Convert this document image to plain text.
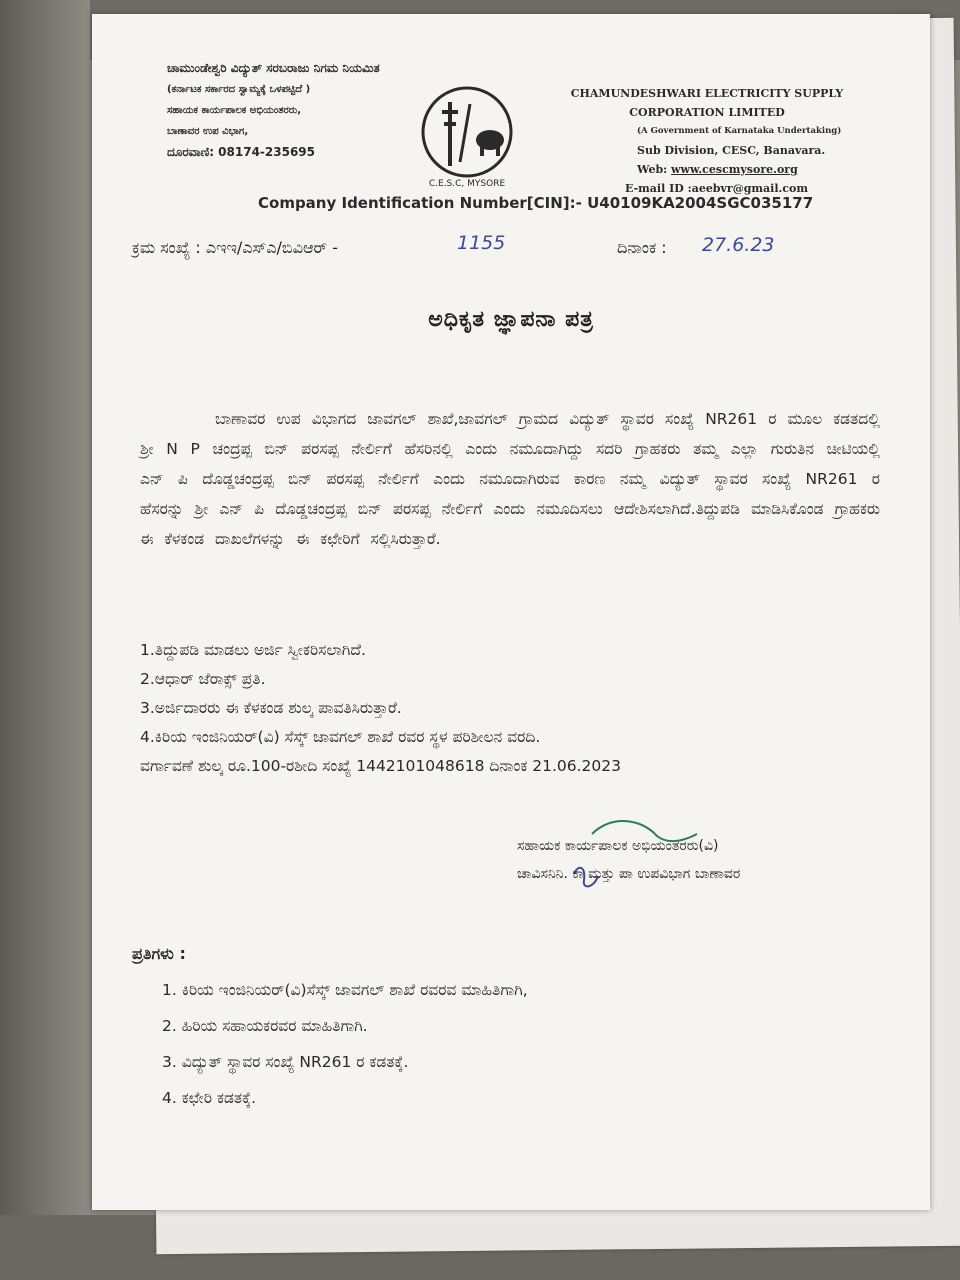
ಚಾಮುಂಡೇಶ್ವರಿ ವಿದ್ಯುತ್ ಸರಬರಾಜು ನಿಗಮ ನಿಯಮಿತ
(ಕರ್ನಾಟಕ ಸರ್ಕಾರದ ಸ್ವಾಮ್ಯಕ್ಕೆ ಒಳಪಟ್ಟಿದೆ )
ಸಹಾಯಕ ಕಾರ್ಯಪಾಲಕ ಅಭಿಯಂತರರು,
ಬಾಣಾವರ ಉಪ ವಿಭಾಗ,
ದೂರವಾಣಿ: 08174-235695
C.E.S.C, MYSORE
CHAMUNDESHWARI ELECTRICITY SUPPLY
CORPORATION LIMITED
(A Government of Karnataka Undertaking)
Sub Division, CESC, Banavara.
Web: www.cescmysore.org
E-mail ID :aeebvr@gmail.com
Company Identification Number[CIN]:- U40109KA2004SGC035177
ಕ್ರಮ ಸಂಖ್ಯೆ : ಎಇಇ/ಎಸ್‌ಎ/ಬಿವಿಆರ್ -	1155	ದಿನಾಂಕ : 27.6.23
ಅಧಿಕೃತ ಜ್ಞಾಪನಾ ಪತ್ರ
ಬಾಣಾವರ ಉಪ ವಿಭಾಗದ ಜಾವಗಲ್ ಶಾಖೆ,ಜಾವಗಲ್ ಗ್ರಾಮದ ವಿದ್ಯುತ್ ಸ್ಥಾವರ ಸಂಖ್ಯೆ NR261 ರ ಮೂಲ ಕಡತದಲ್ಲಿ ಶ್ರೀ N P ಚಂದ್ರಪ್ಪ ಬಿನ್ ಪರಸಪ್ಪ ನೇರ್ಲಿಗೆ ಹೆಸರಿನಲ್ಲಿ ಎಂದು ನಮೂದಾಗಿದ್ದು ಸದರಿ ಗ್ರಾಹಕರು ತಮ್ಮ ಎಲ್ಲಾ ಗುರುತಿನ ಚೀಟಿಯಲ್ಲಿ ಎನ್ ಪಿ ದೊಡ್ಡಚಂದ್ರಪ್ಪ ಬಿನ್ ಪರಸಪ್ಪ ನೇರ್ಲಿಗೆ ಎಂದು ನಮೂದಾಗಿರುವ ಕಾರಣ ನಮ್ಮ ವಿದ್ಯುತ್ ಸ್ಥಾವರ ಸಂಖ್ಯೆ NR261 ರ ಹೆಸರನ್ನು ಶ್ರೀ ಎನ್ ಪಿ ದೊಡ್ಡಚಂದ್ರಪ್ಪ ಬಿನ್ ಪರಸಪ್ಪ ನೇರ್ಲಿಗೆ ಎಂದು ನಮೂದಿಸಲು ಆದೇಶಿಸಲಾಗಿದೆ.ತಿದ್ದುಪಡಿ ಮಾಡಿಸಿಕೊಂಡ ಗ್ರಾಹಕರು ಈ ಕೆಳಕಂಡ ದಾಖಲೆಗಳನ್ನು ಈ ಕಛೇರಿಗೆ ಸಲ್ಲಿಸಿರುತ್ತಾರೆ.
1.ತಿದ್ದುಪಡಿ ಮಾಡಲು ಅರ್ಜಿ ಸ್ವೀಕರಿಸಲಾಗಿದೆ.
2.ಆಧಾರ್ ಜೆರಾಕ್ಸ್ ಪ್ರತಿ.
3.ಅರ್ಜಿದಾರರು ಈ ಕೆಳಕಂಡ ಶುಲ್ಕ ಪಾವತಿಸಿರುತ್ತಾರೆ.
4.ಕಿರಿಯ ಇಂಜಿನಿಯರ್(ವಿ) ಸೆಸ್ಕ್ ಜಾವಗಲ್ ಶಾಖೆ ರವರ ಸ್ಥಳ ಪರಿಶೀಲನ ವರದಿ.
ವರ್ಗಾವಣೆ ಶುಲ್ಕ ರೂ.100-ರಶೀದಿ ಸಂಖ್ಯೆ 1442101048618 ದಿನಾಂಕ 21.06.2023
ಸಹಾಯಕ ಕಾರ್ಯಪಾಲಕ ಅಭಿಯಂತರರು(ವಿ)
ಚಾವಿಸನಿನಿ. ಕಾ ಮತ್ತು ಪಾ ಉಪವಿಭಾಗ ಬಾಣಾವರ
ಪ್ರತಿಗಳು :
1. ಕಿರಿಯ ಇಂಜಿನಿಯರ್(ವಿ)ಸೆಸ್ಕ್ ಜಾವಗಲ್ ಶಾಖೆ ರವರವ ಮಾಹಿತಿಗಾಗಿ,
2. ಹಿರಿಯ ಸಹಾಯಕರವರ ಮಾಹಿತಿಗಾಗಿ.
3. ವಿದ್ಯುತ್ ಸ್ಥಾವರ ಸಂಖ್ಯೆ NR261 ರ ಕಡತಕ್ಕೆ.
4. ಕಛೇರಿ ಕಡತಕ್ಕೆ.
